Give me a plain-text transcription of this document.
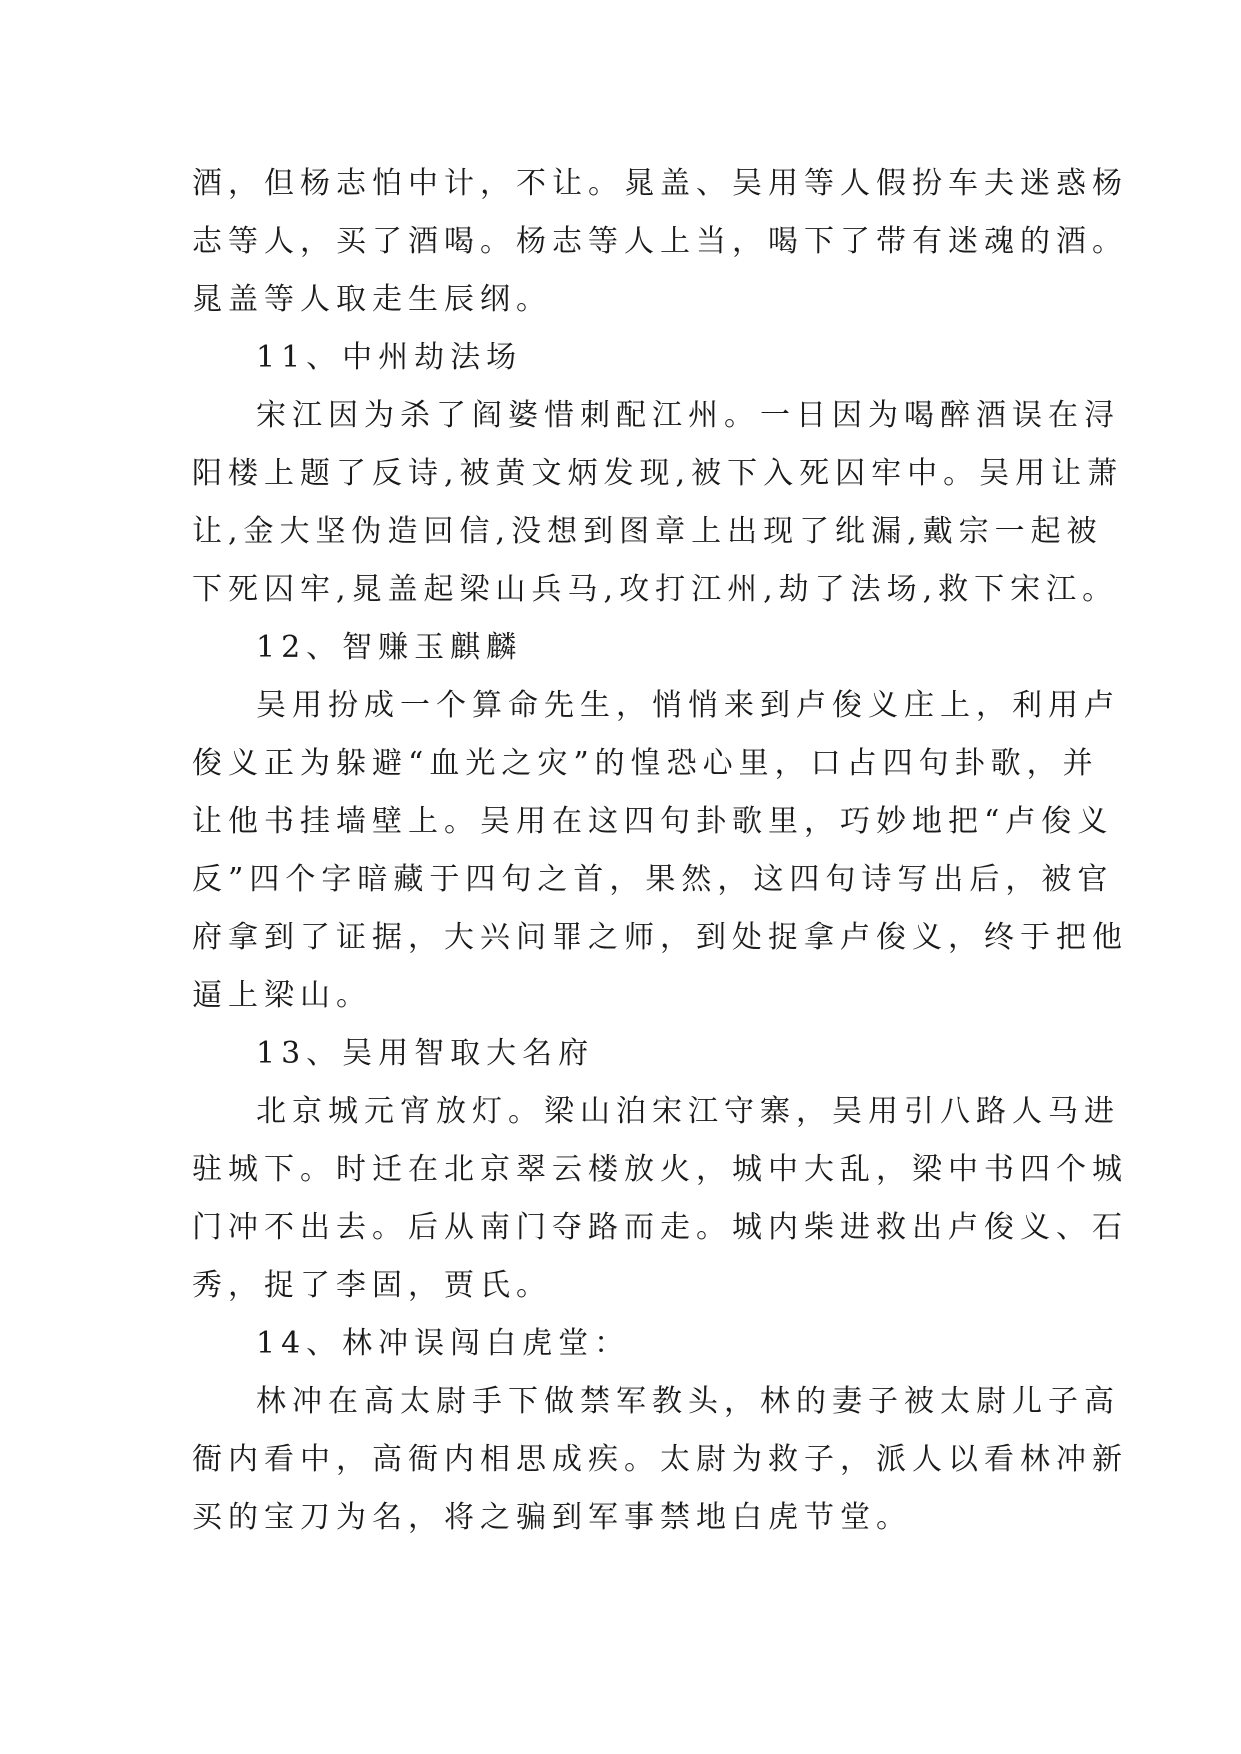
酒，但杨志怕中计，不让。晁盖、吴用等人假扮车夫迷惑杨

志等人，买了酒喝。杨志等人上当，喝下了带有迷魂的酒。

晁盖等人取走生辰纲。

11、中州劫法场

宋江因为杀了阎婆惜刺配江州。一日因为喝醉酒误在浔

阳楼上题了反诗,被黄文炳发现,被下入死囚牢中。吴用让萧

让,金大坚伪造回信,没想到图章上出现了纰漏,戴宗一起被

下死囚牢,晁盖起梁山兵马,攻打江州,劫了法场,救下宋江。

12、智赚玉麒麟

吴用扮成一个算命先生，悄悄来到卢俊义庄上，利用卢

俊义正为躲避“血光之灾”的惶恐心里，口占四句卦歌，并

让他书挂墙壁上。吴用在这四句卦歌里，巧妙地把“卢俊义

反”四个字暗藏于四句之首，果然，这四句诗写出后，被官

府拿到了证据，大兴问罪之师，到处捉拿卢俊义，终于把他

逼上梁山。

13、吴用智取大名府

北京城元宵放灯。梁山泊宋江守寨，吴用引八路人马进

驻城下。时迁在北京翠云楼放火，城中大乱，梁中书四个城

门冲不出去。后从南门夺路而走。城内柴进救出卢俊义、石

秀，捉了李固，贾氏。

14、林冲误闯白虎堂：

林冲在高太尉手下做禁军教头，林的妻子被太尉儿子高

衙内看中，高衙内相思成疾。太尉为救子，派人以看林冲新

买的宝刀为名，将之骗到军事禁地白虎节堂。
